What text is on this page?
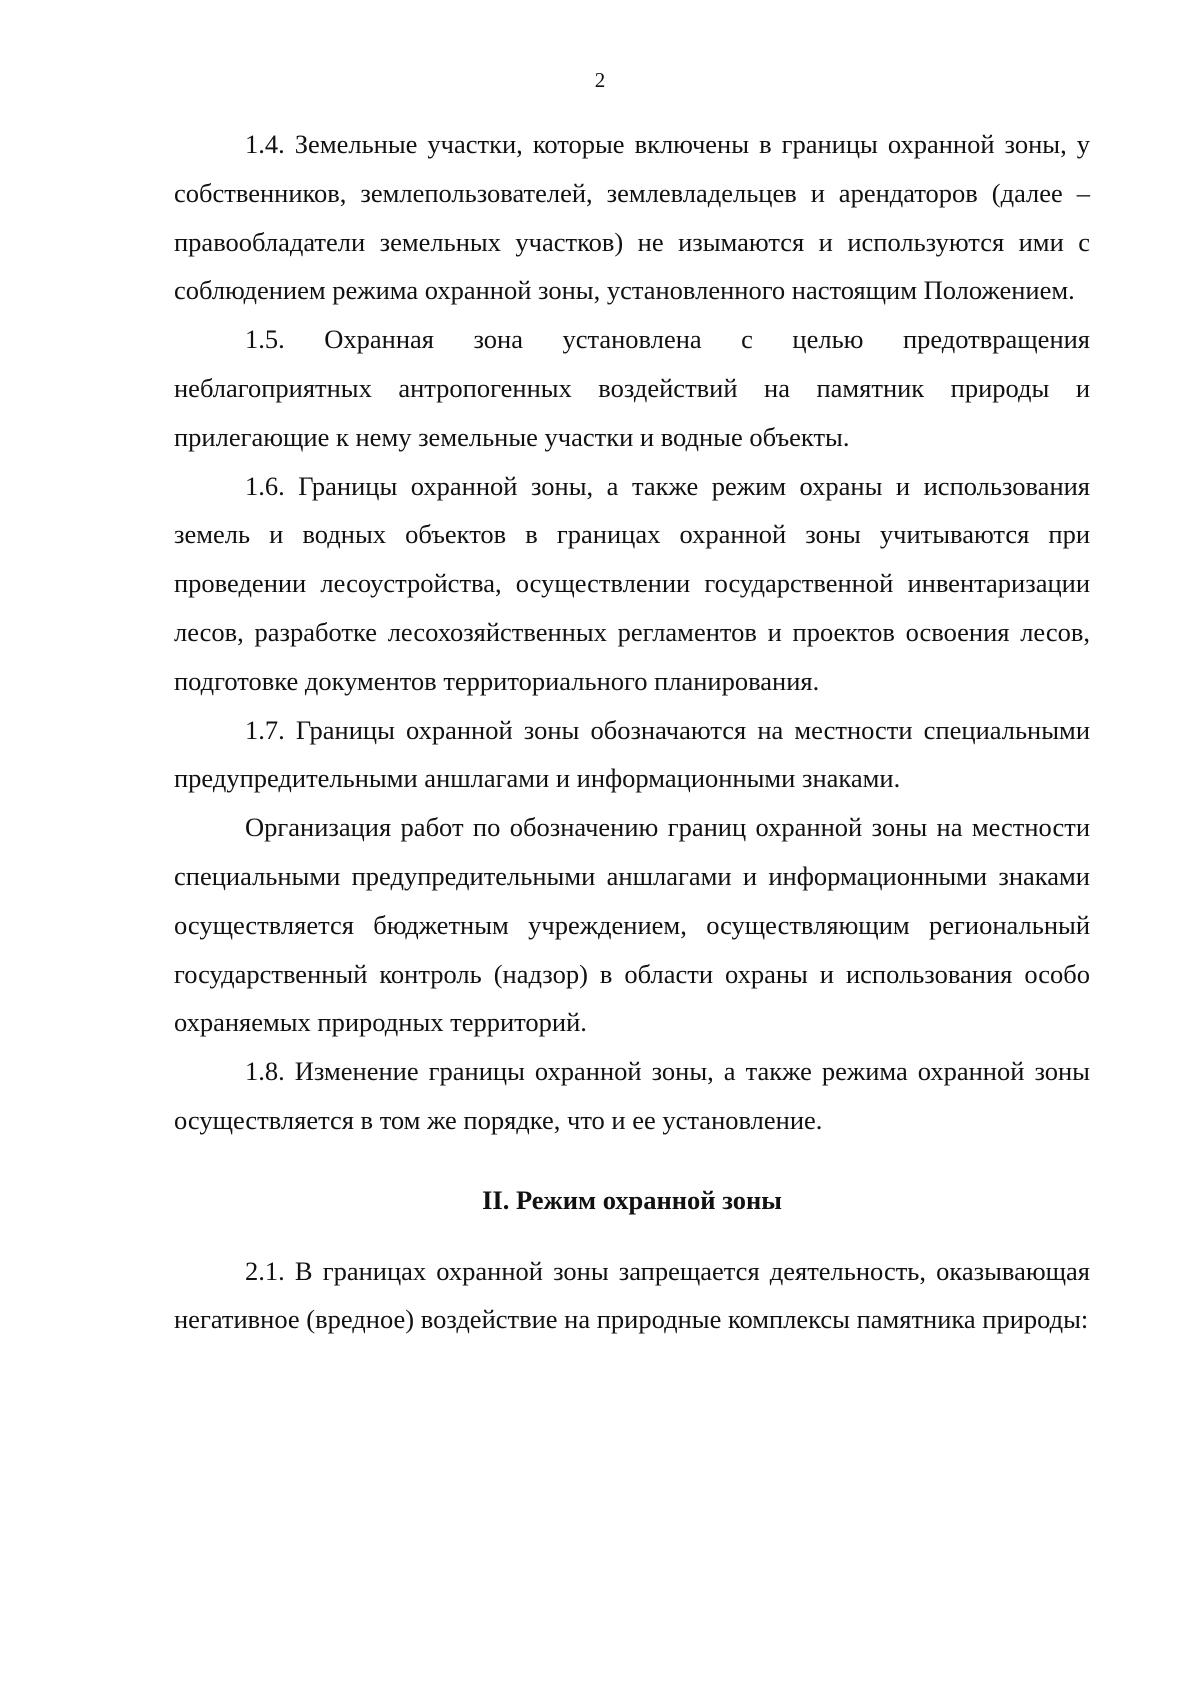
2

1.4. Земельные участки, которые включены в границы охранной зоны, у собственников, землепользователей, землевладельцев и арендаторов (далее – правообладатели земельных участков) не изымаются и используются ими с соблюдением режима охранной зоны, установленного настоящим Положением.

1.5. Охранная зона установлена с целью предотвращения неблагоприятных антропогенных воздействий на памятник природы и прилегающие к нему земельные участки и водные объекты.

1.6. Границы охранной зоны, а также режим охраны и использования земель и водных объектов в границах охранной зоны учитываются при проведении лесоустройства, осуществлении государственной инвентаризации лесов, разработке лесохозяйственных регламентов и проектов освоения лесов, подготовке документов территориального планирования.

1.7. Границы охранной зоны обозначаются на местности специальными предупредительными аншлагами и информационными знаками.

Организация работ по обозначению границ охранной зоны на местности специальными предупредительными аншлагами и информационными знаками осуществляется бюджетным учреждением, осуществляющим региональный государственный контроль (надзор) в области охраны и использования особо охраняемых природных территорий.

1.8. Изменение границы охранной зоны, а также режима охранной зоны осуществляется в том же порядке, что и ее установление.

II. Режим охранной зоны

2.1. В границах охранной зоны запрещается деятельность, оказывающая негативное (вредное) воздействие на природные комплексы памятника природы:
